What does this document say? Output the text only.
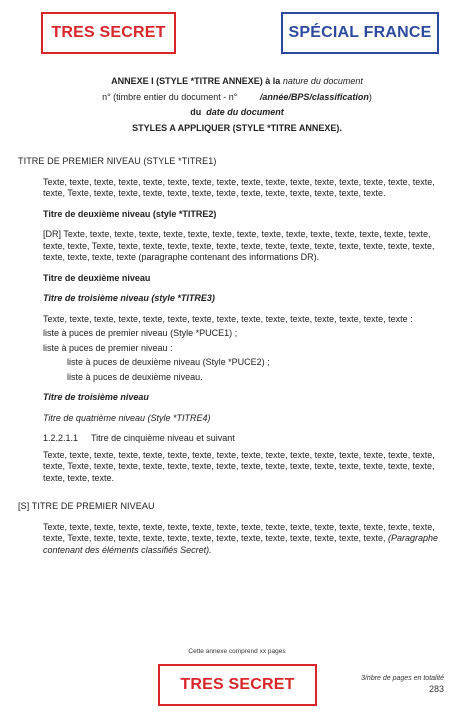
TRES SECRET	SPÉCIAL FRANCE
ANNEXE I (STYLE *TITRE ANNEXE) à la nature du document
n° (timbre entier du document - n°	/année/BPS/classification)
du date du document
STYLES A APPLIQUER (STYLE *TITRE ANNEXE).
TITRE DE PREMIER NIVEAU (STYLE *TITRE1)
Texte, texte, texte, texte, texte, texte, texte, texte, texte, texte, texte, texte, texte, texte, texte, texte, texte, Texte, texte, texte, texte, texte, texte, texte, texte, texte, texte, texte, texte, texte.
Titre de deuxième niveau (style *TITRE2)
[DR] Texte, texte, texte, texte, texte, texte, texte, texte, texte, texte, texte, texte, texte, texte, texte, texte, texte, Texte, texte, texte, texte, texte, texte, texte, texte, texte, texte, texte, texte, texte, texte, texte, texte, texte, texte (paragraphe contenant des informations DR).
Titre de deuxième niveau
Titre de troisième niveau (style *TITRE3)
Texte, texte, texte, texte, texte, texte, texte, texte, texte, texte, texte, texte, texte, texte, texte :
liste à puces de premier niveau (Style *PUCE1) ;
liste à puces de premier niveau :
liste à puces de deuxième niveau (Style *PUCE2) ;
liste à puces de deuxième niveau.
Titre de troisième niveau
Titre de quatrième niveau (Style *TITRE4)
1.2.2.1.1 Titre de cinquième niveau et suivant
Texte, texte, texte, texte, texte, texte, texte, texte, texte, texte, texte, texte, texte, texte, texte, texte, texte, Texte, texte, texte, texte, texte, texte, texte, texte, texte, texte, texte, texte, texte, texte, texte, texte, texte, texte.
[S] TITRE DE PREMIER NIVEAU
Texte, texte, texte, texte, texte, texte, texte, texte, texte, texte, texte, texte, texte, texte, texte, texte, texte, Texte, texte, texte, texte, texte, texte, texte, texte, texte, texte, texte, texte, texte, (Paragraphe contenant des éléments classifiés Secret).
Cette annexe comprend xx pages
TRES SECRET	3/nbre de pages en totalité
283
